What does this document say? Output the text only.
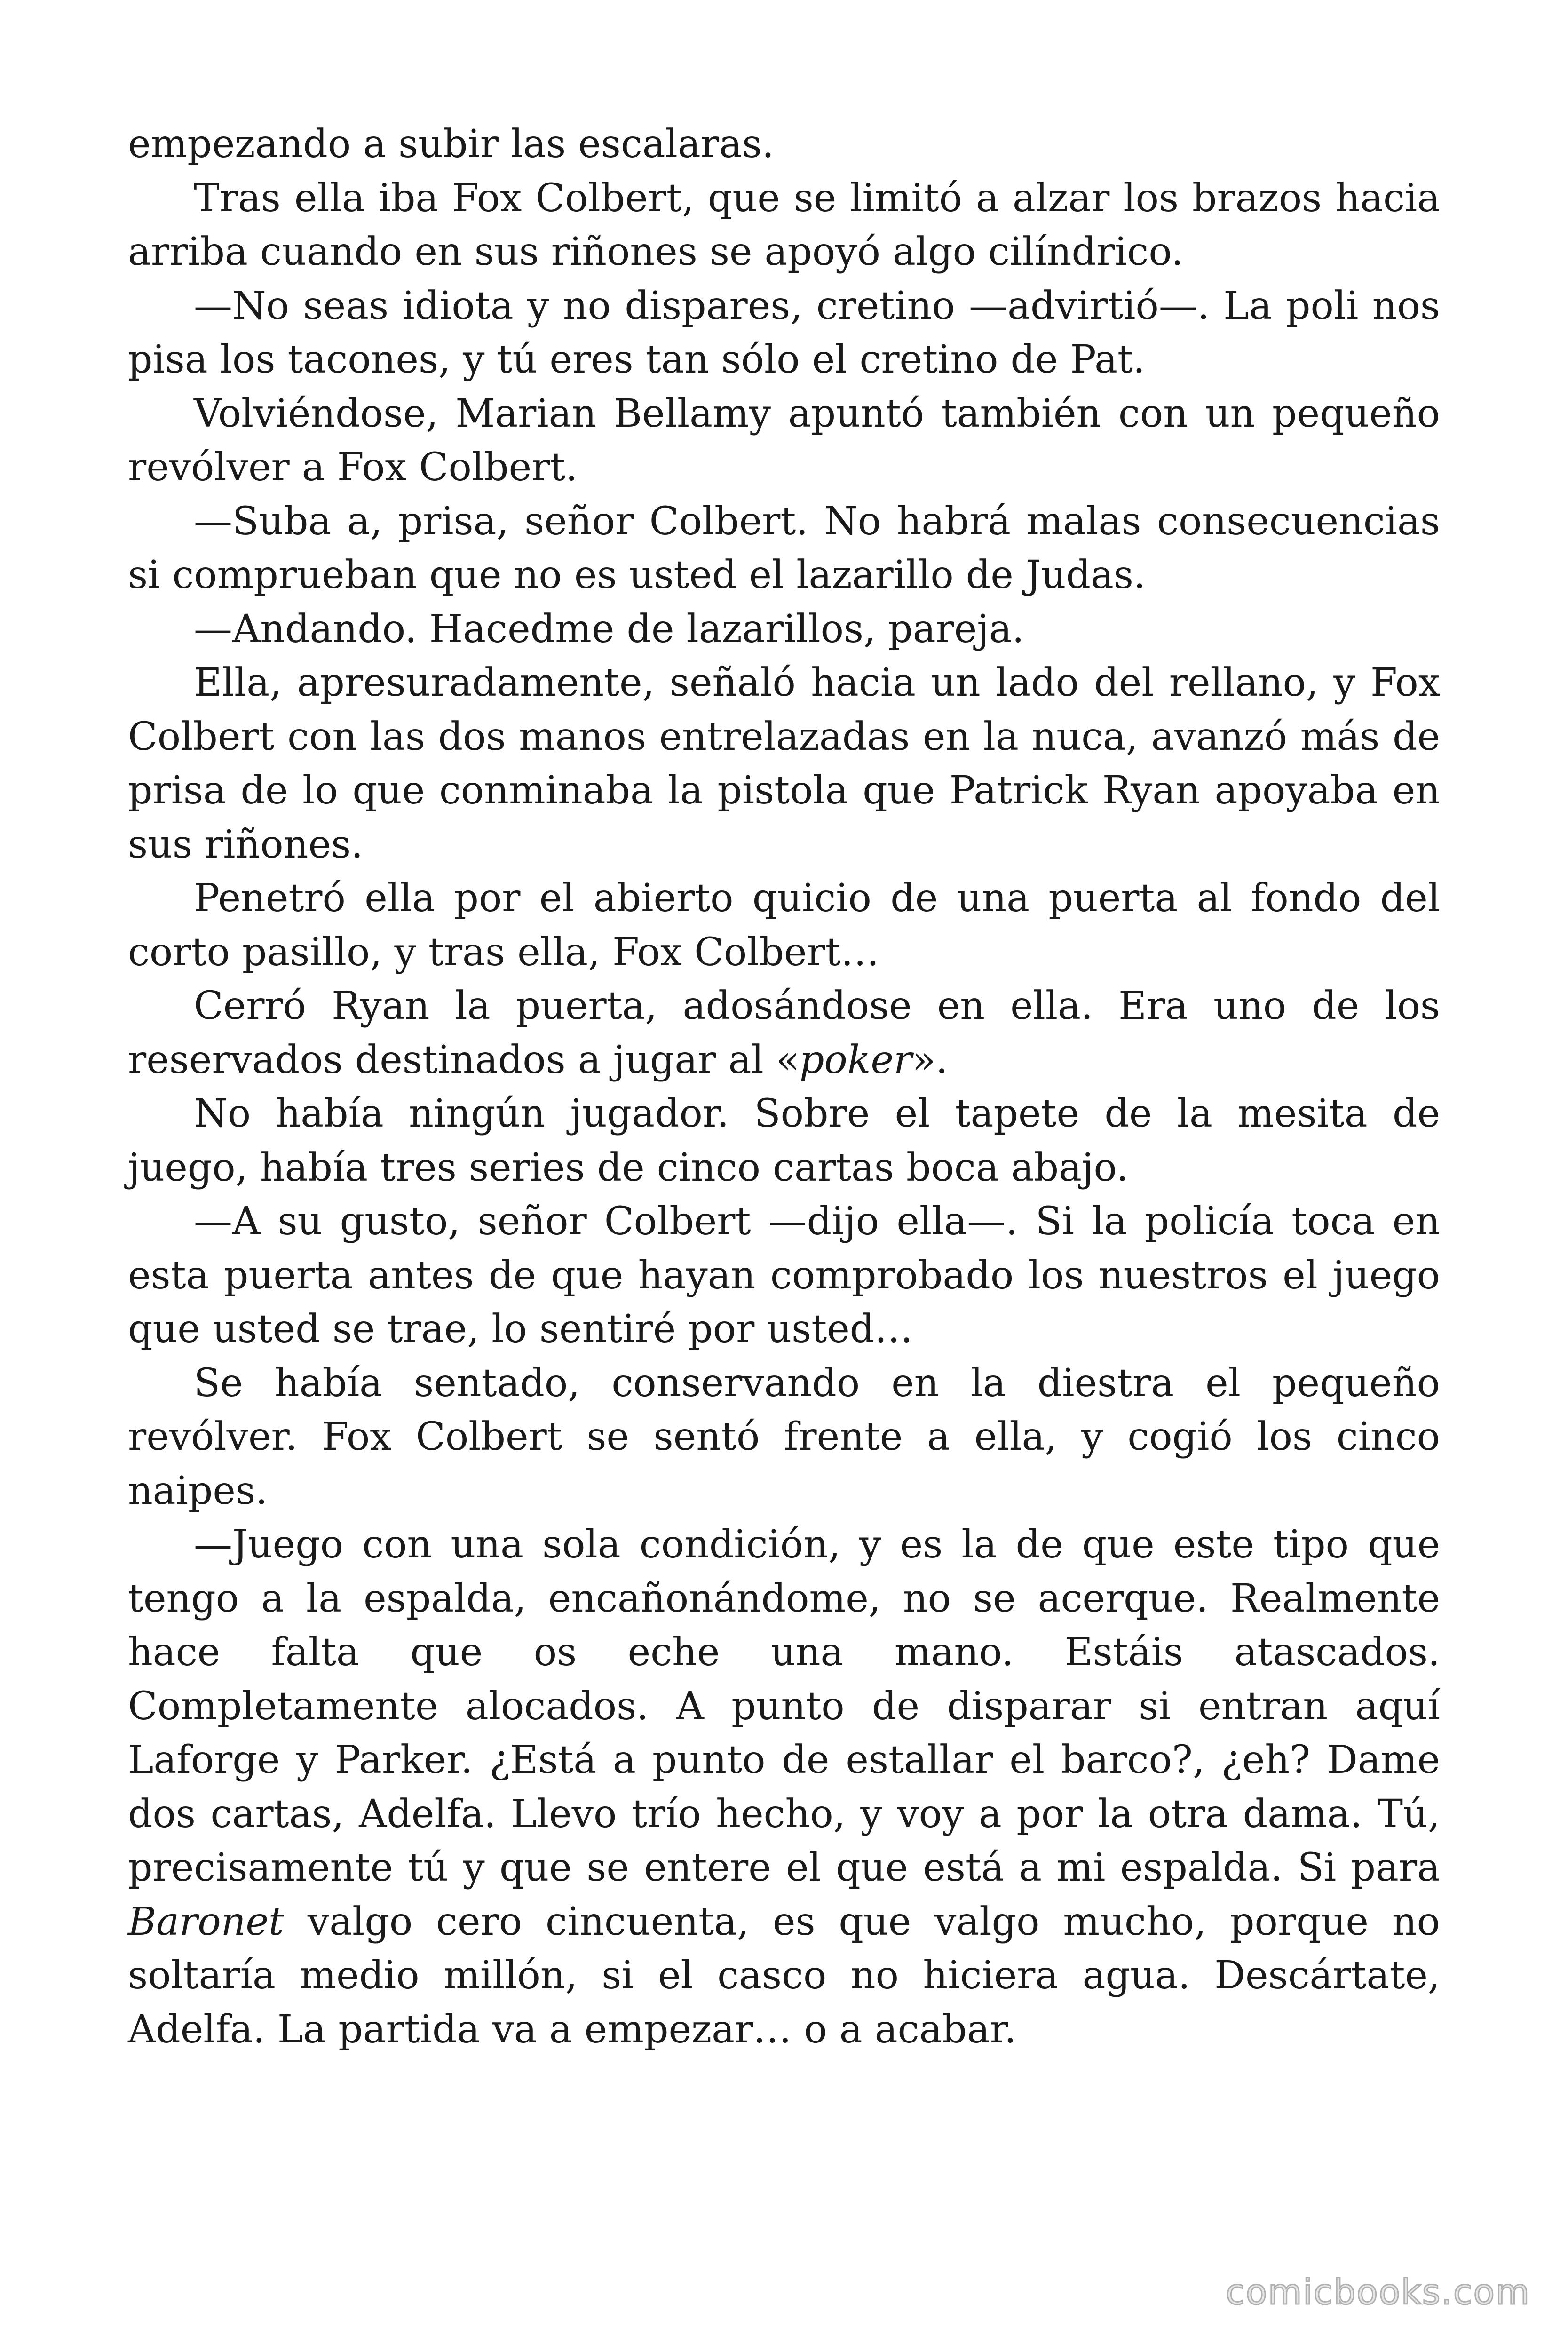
empezando a subir las escalaras.

Tras ella iba Fox Colbert, que se limitó a alzar los brazos hacia arriba cuando en sus riñones se apoyó algo cilíndrico.

—No seas idiota y no dispares, cretino —advirtió—. La poli nos pisa los tacones, y tú eres tan sólo el cretino de Pat.

Volviéndose, Marian Bellamy apuntó también con un pequeño revólver a Fox Colbert.

—Suba a, prisa, señor Colbert. No habrá malas consecuencias si comprueban que no es usted el lazarillo de Judas.

—Andando. Hacedme de lazarillos, pareja.

Ella, apresuradamente, señaló hacia un lado del rellano, y Fox Colbert con las dos manos entrelazadas en la nuca, avanzó más de prisa de lo que conminaba la pistola que Patrick Ryan apoyaba en sus riñones.

Penetró ella por el abierto quicio de una puerta al fondo del corto pasillo, y tras ella, Fox Colbert…

Cerró Ryan la puerta, adosándose en ella. Era uno de los reservados destinados a jugar al «poker».

No había ningún jugador. Sobre el tapete de la mesita de juego, había tres series de cinco cartas boca abajo.

—A su gusto, señor Colbert —dijo ella—. Si la policía toca en esta puerta antes de que hayan comprobado los nuestros el juego que usted se trae, lo sentiré por usted…

Se había sentado, conservando en la diestra el pequeño revólver. Fox Colbert se sentó frente a ella, y cogió los cinco naipes.

—Juego con una sola condición, y es la de que este tipo que tengo a la espalda, encañonándome, no se acerque. Realmente hace falta que os eche una mano. Estáis atascados. Completamente alocados. A punto de disparar si entran aquí Laforge y Parker. ¿Está a punto de estallar el barco?, ¿eh? Dame dos cartas, Adelfa. Llevo trío hecho, y voy a por la otra dama. Tú, precisamente tú y que se entere el que está a mi espalda. Si para Baronet valgo cero cincuenta, es que valgo mucho, porque no soltaría medio millón, si el casco no hiciera agua. Descártate, Adelfa. La partida va a empezar… o a acabar.

comicbooks.com
